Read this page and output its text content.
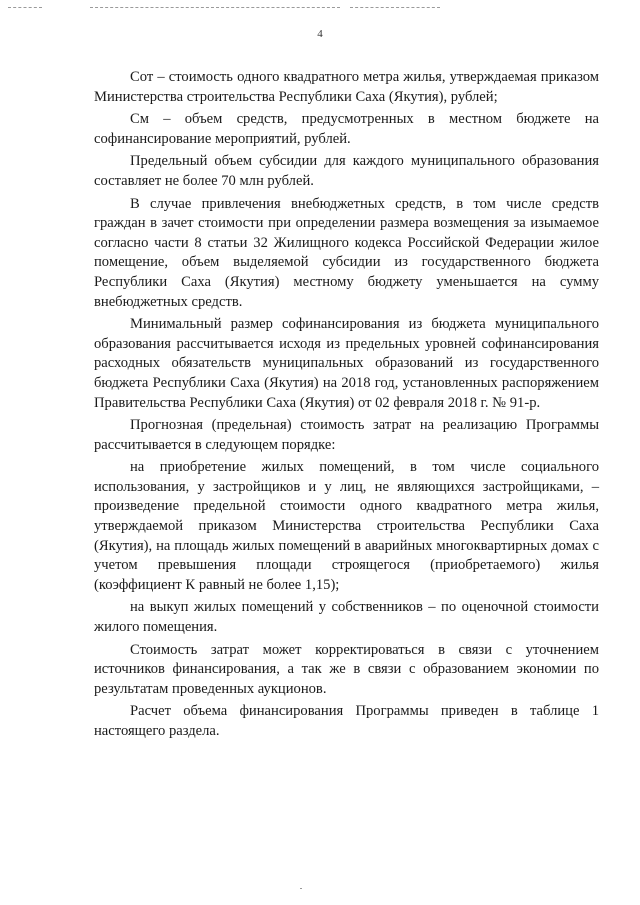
4

Сот – стоимость одного квадратного метра жилья, утверждаемая приказом Министерства строительства Республики Саха (Якутия), рублей;

См – объем средств, предусмотренных в местном бюджете на софинансирование мероприятий, рублей.

Предельный объем субсидии для каждого муниципального образования составляет не более 70 млн рублей.

В случае привлечения внебюджетных средств, в том числе средств граждан в зачет стоимости при определении размера возмещения за изымаемое согласно части 8 статьи 32 Жилищного кодекса Российской Федерации жилое помещение, объем выделяемой субсидии из государственного бюджета Республики Саха (Якутия) местному бюджету уменьшается на сумму внебюджетных средств.

Минимальный размер софинансирования из бюджета муниципального образования рассчитывается исходя из предельных уровней софинансирования расходных обязательств муниципальных образований из государственного бюджета Республики Саха (Якутия) на 2018 год, установленных распоряжением Правительства Республики Саха (Якутия) от 02 февраля 2018 г. № 91-р.

Прогнозная (предельная) стоимость затрат на реализацию Программы рассчитывается в следующем порядке:

на приобретение жилых помещений, в том числе социального использования, у застройщиков и у лиц, не являющихся застройщиками, – произведение предельной стоимости одного квадратного метра жилья, утверждаемой приказом Министерства строительства Республики Саха (Якутия), на площадь жилых помещений в аварийных многоквартирных домах с учетом превышения площади строящегося (приобретаемого) жилья (коэффициент К равный не более 1,15);

на выкуп жилых помещений у собственников – по оценочной стоимости жилого помещения.

Стоимость затрат может корректироваться в связи с уточнением источников финансирования, а так же в связи с образованием экономии по результатам проведенных аукционов.

Расчет объема финансирования Программы приведен в таблице 1 настоящего раздела.
